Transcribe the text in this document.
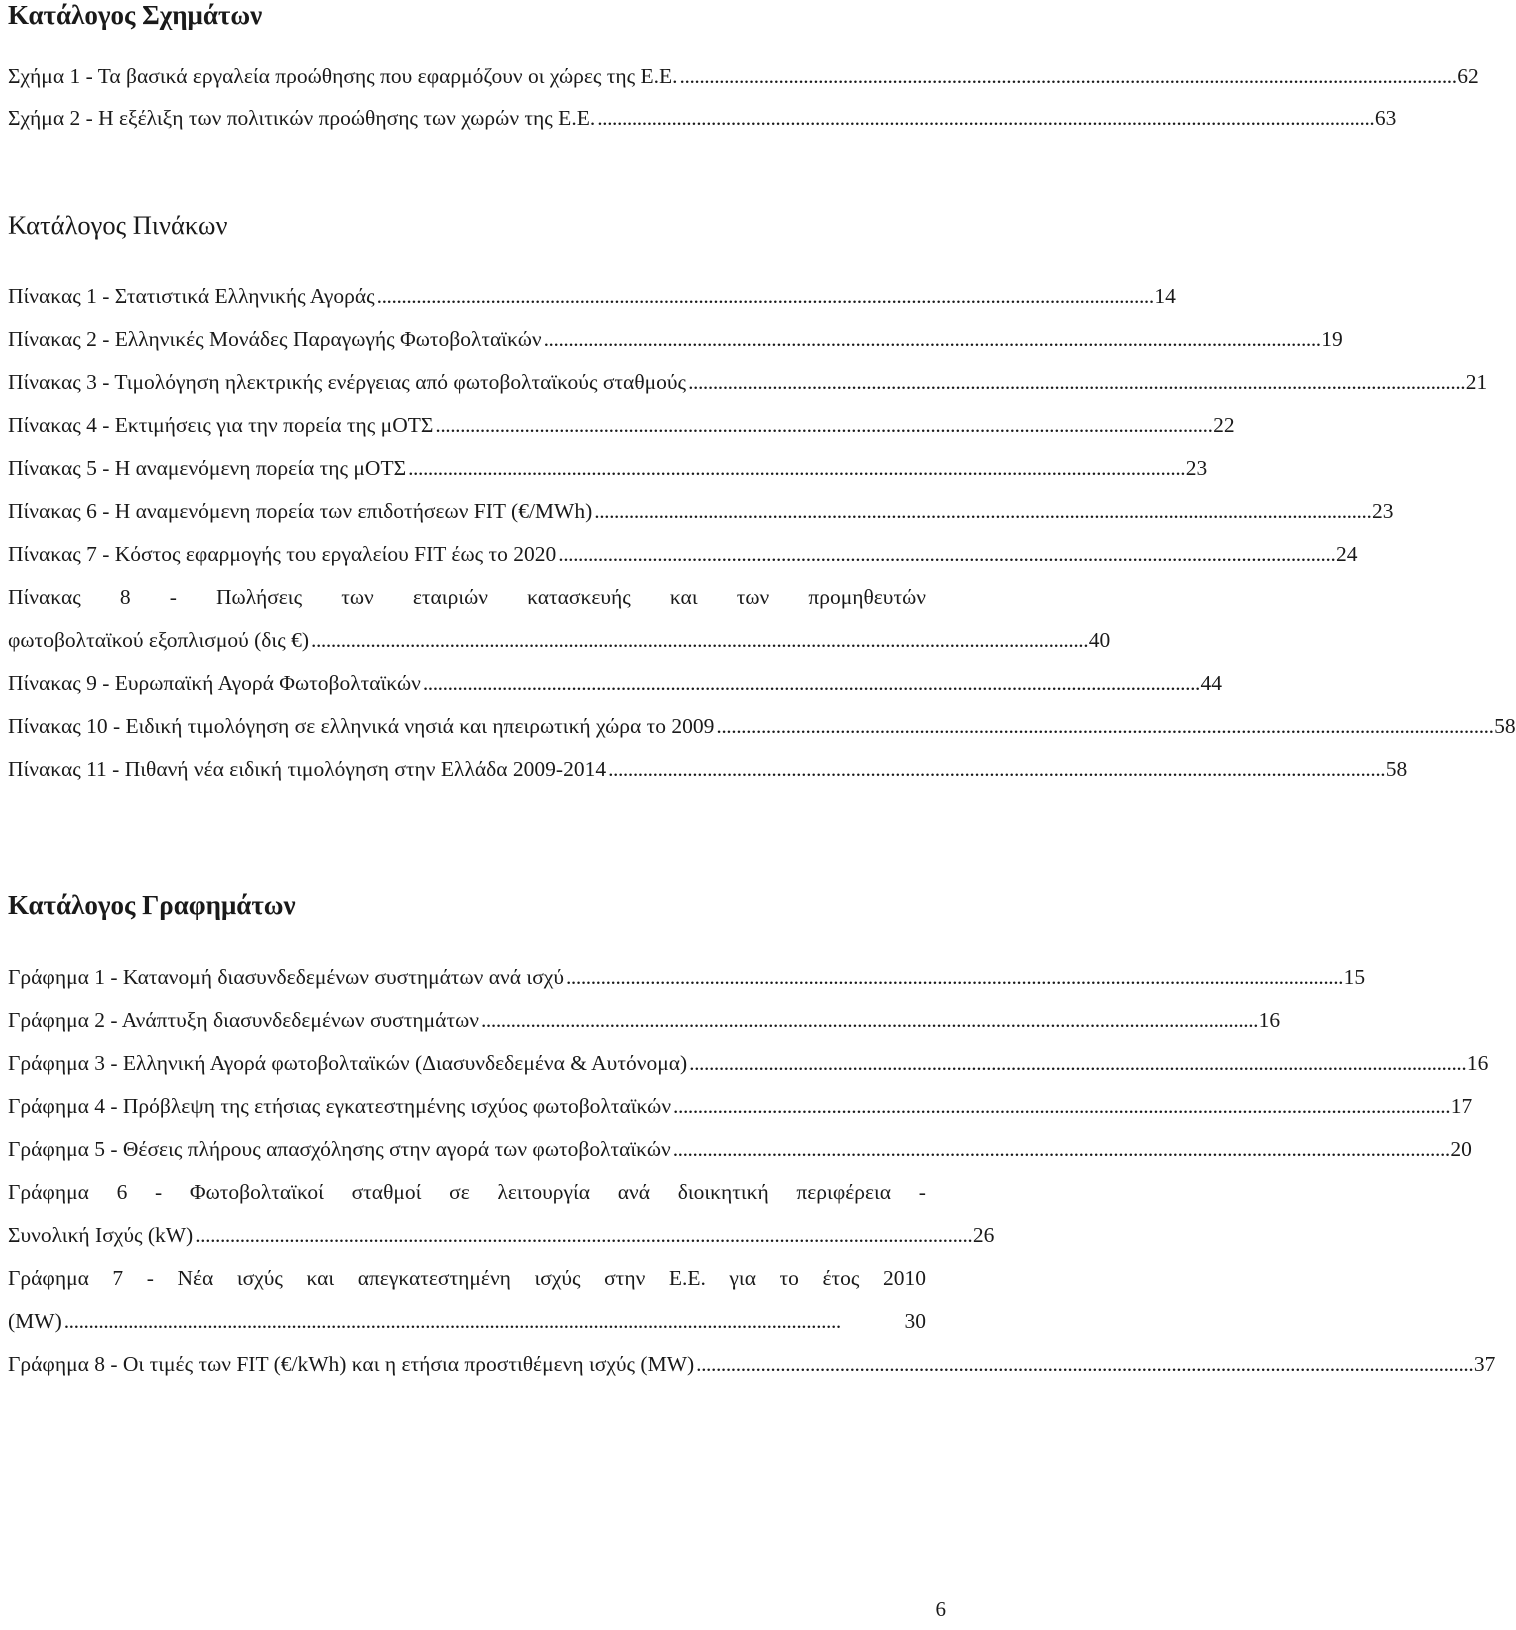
Κατάλογος Σχημάτων
Σχήμα 1 - Τα βασικά εργαλεία προώθησης που εφαρμόζουν οι χώρες της Ε.Ε. . . .	62
Σχήμα 2 - Η εξέλιξη των πολιτικών προώθησης των χωρών της Ε.Ε. . . .	63
Κατάλογος Πινάκων
Πίνακας 1 - Στατιστικά Ελληνικής Αγοράς . . .	14
Πίνακας 2 - Ελληνικές Μονάδες Παραγωγής Φωτοβολταϊκών . . .	19
Πίνακας 3 - Τιμολόγηση ηλεκτρικής ενέργειας από φωτοβολταϊκούς σταθμούς . . .	21
Πίνακας 4 - Εκτιμήσεις για την πορεία της μΟΤΣ . . .	22
Πίνακας 5 - Η αναμενόμενη πορεία της μΟΤΣ . . .	23
Πίνακας 6 - Η αναμενόμενη πορεία των επιδοτήσεων FIT (€/MWh) . . .	23
Πίνακας 7 - Κόστος εφαρμογής του εργαλείου FIT έως το 2020 . . .	24
Πίνακας 8 - Πωλήσεις των εταιριών κατασκευής και των προμηθευτών
φωτοβολταϊκού εξοπλισμού (δις €) . . .	40
Πίνακας 9 - Ευρωπαϊκή Αγορά Φωτοβολταϊκών . . .	44
Πίνακας 10 - Ειδική τιμολόγηση σε ελληνικά νησιά και ηπειρωτική χώρα το 2009 . . .	58
Πίνακας 11 - Πιθανή νέα ειδική τιμολόγηση στην Ελλάδα 2009-2014 . . .	58
Κατάλογος Γραφημάτων
Γράφημα 1 - Κατανομή διασυνδεδεμένων συστημάτων ανά ισχύ . . .	15
Γράφημα 2 - Ανάπτυξη διασυνδεδεμένων συστημάτων . . .	16
Γράφημα 3 - Ελληνική Αγορά φωτοβολταϊκών (Διασυνδεδεμένα & Αυτόνομα) . . .	16
Γράφημα 4 - Πρόβλεψη της ετήσιας εγκατεστημένης ισχύος φωτοβολταϊκών . . .	17
Γράφημα 5 - Θέσεις πλήρους απασχόλησης στην αγορά των φωτοβολταϊκών . . .	20
Γράφημα 6 - Φωτοβολταϊκοί σταθμοί σε λειτουργία ανά διοικητική περιφέρεια -
Συνολική Ισχύς (kW) . . .	26
Γράφημα 7 - Νέα ισχύς και απεγκατεστημένη ισχύς στην Ε.Ε. για το έτος 2010
(MW) . . .	30
Γράφημα 8 - Οι τιμές των FIT (€/kWh) και η ετήσια προστιθέμενη ισχύς (MW) . . .	37

6
